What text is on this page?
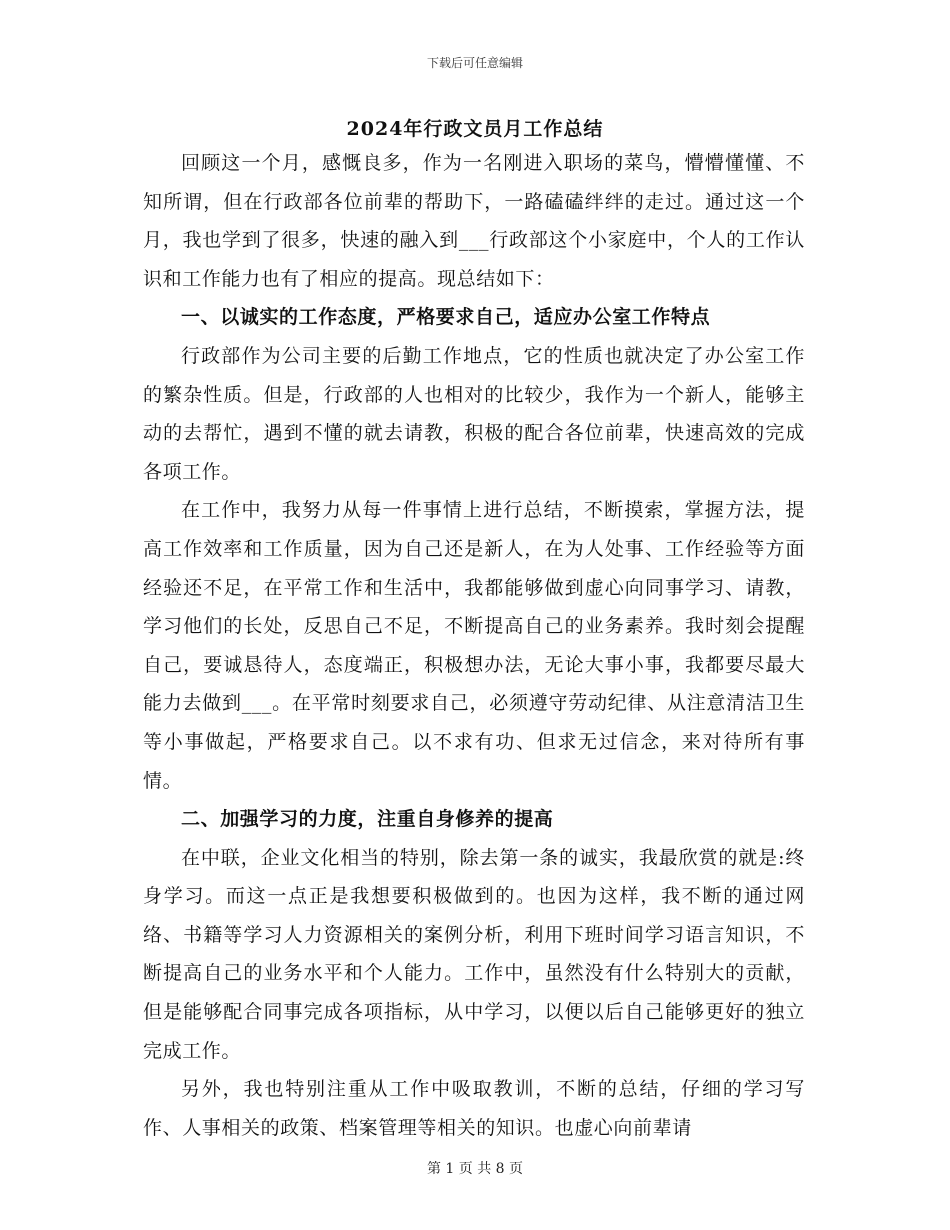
下载后可任意编辑
2024年行政文员月工作总结

回顾这一个月，感慨良多，作为一名刚进入职场的菜鸟，懵懵懂懂、不知所谓，但在行政部各位前辈的帮助下，一路磕磕绊绊的走过。通过这一个月，我也学到了很多，快速的融入到___行政部这个小家庭中，个人的工作认识和工作能力也有了相应的提高。现总结如下：

一、以诚实的工作态度，严格要求自己，适应办公室工作特点

行政部作为公司主要的后勤工作地点，它的性质也就决定了办公室工作的繁杂性质。但是，行政部的人也相对的比较少，我作为一个新人，能够主动的去帮忙，遇到不懂的就去请教，积极的配合各位前辈，快速高效的完成各项工作。

在工作中，我努力从每一件事情上进行总结，不断摸索，掌握方法，提高工作效率和工作质量，因为自己还是新人，在为人处事、工作经验等方面经验还不足，在平常工作和生活中，我都能够做到虚心向同事学习、请教，学习他们的长处，反思自己不足，不断提高自己的业务素养。我时刻会提醒自己，要诚恳待人，态度端正，积极想办法，无论大事小事，我都要尽最大能力去做到___。在平常时刻要求自己，必须遵守劳动纪律、从注意清洁卫生等小事做起，严格要求自己。以不求有功、但求无过信念，来对待所有事情。

二、加强学习的力度，注重自身修养的提高

在中联，企业文化相当的特别，除去第一条的诚实，我最欣赏的就是:终身学习。而这一点正是我想要积极做到的。也因为这样，我不断的通过网络、书籍等学习人力资源相关的案例分析，利用下班时间学习语言知识，不断提高自己的业务水平和个人能力。工作中，虽然没有什么特别大的贡献，但是能够配合同事完成各项指标，从中学习，以便以后自己能够更好的独立完成工作。

另外，我也特别注重从工作中吸取教训，不断的总结，仔细的学习写作、人事相关的政策、档案管理等相关的知识。也虚心向前辈请

第 1 页 共 8 页
